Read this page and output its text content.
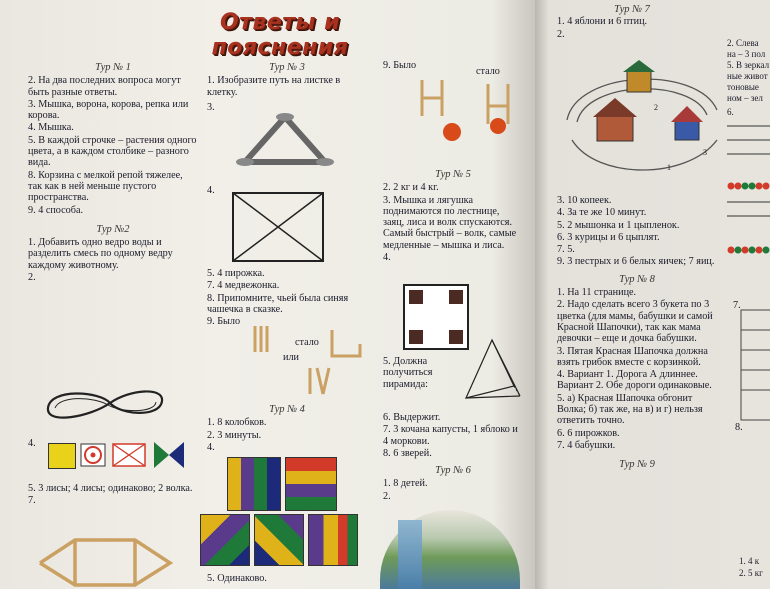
Ответы и пояснения
Тур № 1

2. На два последних вопроса могут быть разные ответы.

3. Мышка, ворона, корова, репка или корова.

4. Мышка.

5. В каждой строчке – растения одного цвета, а в каждом столбике – разного вида.

8. Корзина с мелкой репой тяжелее, так как в ней меньше пустого пространства.

9. 4 способа.

Тур №2

1. Добавить одно ведро воды и разделить смесь по одному ведру каждому животному.

2.

4.

5. 3 лисы; 4 лисы; одинаково; 2 волка.

7.

Тур № 3

1. Изобразите путь на листке в клетку.

3.

4.

5. 4 пирожка.

7. 4 медвежонка.

8. Припомните, чьей была синяя чашечка в сказке.

9. Было

стало
или
Тур № 4

1. 8 колобков.

2. 3 минуты.

4.

5. Одинаково.
9. Было
стало
Тур № 5

2. 2 кг и 4 кг.

3. Мышка и лягушка поднимаются по лестнице, заяц, лиса и волк спускаются. Самый быстрый – волк, самые медленные – мышка и лиса.

4.

5. Должна получиться пирамида:

6. Выдержит.

7. 3 кочана капусты, 1 яблоко и 4 моркови.

8. 6 зверей.

Тур № 6

1. 8 детей.

2.

Тур № 7

1. 4 яблони и 6 птиц.

2.

2
3
1

3. 10 копеек.

4. За те же 10 минут.

5. 2 мышонка и 1 цыпленок.

6. 3 курицы и 6 цыплят.

7. 5.

9. 3 пестрых и 6 белых яичек; 7 яиц.

Тур № 8

1. На 11 странице.

2. Надо сделать всего 3 букета по 3 цветка (для мамы, бабушки и самой Красной Шапочки), так как мама девочки – еще и дочка бабушки.

3. Пятая Красная Шапочка должна взять грибок вместе с корзинкой.

4. Вариант 1. Дорога А длиннее. Вариант 2. Обе дороги одинаковые.

5. а) Красная Шапочка обгонит Волка; б) так же, на в) и г) нельзя ответить точно.

6. 6 пирожков.

7. 4 бабушки.

Тур № 9

2. Слева

на – 3 пол

5. В зеркал

ные живот

тоновые

ном – зел

6.

7.
8.
1. 4 к
2. 5 кг
